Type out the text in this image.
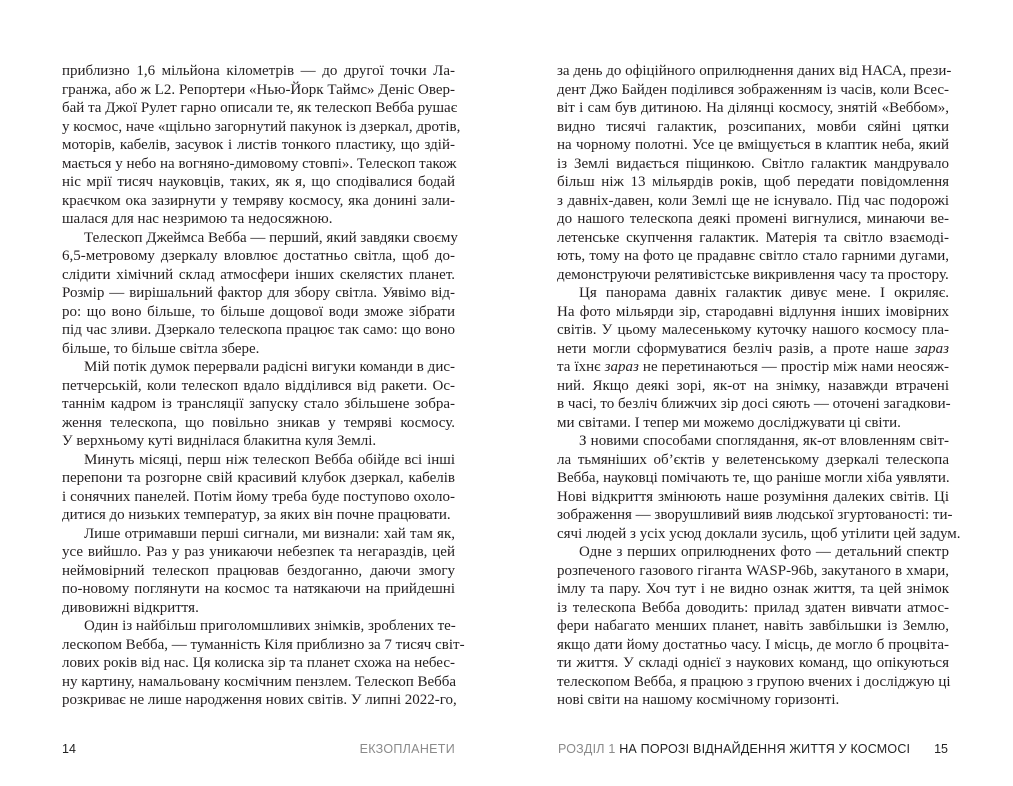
приблизно 1,6 мільйона кілометрів — до другої точки Ла-
гранжа, або ж L2. Репортери «Нью-Йорк Таймс» Деніс Овер-
бай та Джої Рулет гарно описали те, як телескоп Вебба рушає
у космос, наче «щільно загорнутий пакунок із дзеркал, дротів,
моторів, кабелів, засувок і листів тонкого пластику, що здій-
мається у небо на вогняно-димовому стовпі». Телескоп також
ніс мрії тисяч науковців, таких, як я, що сподівалися бодай
краєчком ока зазирнути у темряву космосу, яка донині зали-
шалася для нас незримою та недосяжною.
Телескоп Джеймса Вебба — перший, який завдяки своєму
6,5-метровому дзеркалу вловлює достатньо світла, щоб до-
слідити хімічний склад атмосфери інших скелястих планет.
Розмір — вирішальний фактор для збору світла. Уявімо від-
ро: що воно більше, то більше дощової води зможе зібрати
під час зливи. Дзеркало телескопа працює так само: що воно
більше, то більше світла збере.
Мій потік думок перервали радісні вигуки команди в дис-
петчерській, коли телескоп вдало відділився від ракети. Ос-
таннім кадром із трансляції запуску стало збільшене зобра-
ження телескопа, що повільно зникав у темряві космосу.
У верхньому куті виднілася блакитна куля Землі.
Минуть місяці, перш ніж телескоп Вебба обійде всі інші
перепони та розгорне свій красивий клубок дзеркал, кабелів
і сонячних панелей. Потім йому треба буде поступово охоло-
дитися до низьких температур, за яких він почне працювати.
Лише отримавши перші сигнали, ми визнали: хай там як,
усе вийшло. Раз у раз уникаючи небезпек та негараздів, цей
неймовірний телескоп працював бездоганно, даючи змогу
по-новому поглянути на космос та натякаючи на прийдешні
дивовижні відкриття.
Один із найбільш приголомшливих знімків, зроблених те-
лескопом Вебба, — туманність Кіля приблизно за 7 тисяч світ-
лових років від нас. Ця колиска зір та планет схожа на небес-
ну картину, намальовану космічним пензлем. Телескоп Вебба
розкриває не лише народження нових світів. У липні 2022-го,
за день до офіційного оприлюднення даних від НАСА, прези-
дент Джо Байден поділився зображенням із часів, коли Всес-
віт і сам був дитиною. На ділянці космосу, знятій «Веббом»,
видно тисячі галактик, розсипаних, мовби сяйні цятки
на чорному полотні. Усе це вміщується в клаптик неба, який
із Землі видається піщинкою. Світло галактик мандрувало
більш ніж 13 мільярдів років, щоб передати повідомлення
з давніх-давен, коли Землі ще не існувало. Під час подорожі
до нашого телескопа деякі промені вигнулися, минаючи ве-
летенське скупчення галактик. Матерія та світло взаємоді-
ють, тому на фото це прадавнє світло стало гарними дугами,
демонструючи релятивістське викривлення часу та простору.
Ця панорама давніх галактик дивує мене. І окриляє.
На фото мільярди зір, стародавні відлуння інших імовірних
світів. У цьому малесенькому куточку нашого космосу пла-
нети могли сформуватися безліч разів, а проте наше зараз
та їхнє зараз не перетинаються — простір між нами неосяж-
ний. Якщо деякі зорі, як-от на знімку, назавжди втрачені
в часі, то безліч ближчих зір досі сяють — оточені загадкови-
ми світами. І тепер ми можемо досліджувати ці світи.
З новими способами споглядання, як-от вловленням світ-
ла тьмяніших об’єктів у велетенському дзеркалі телескопа
Вебба, науковці помічають те, що раніше могли хіба уявляти.
Нові відкриття змінюють наше розуміння далеких світів. Ці
зображення — зворушливий вияв людської згуртованості: ти-
сячі людей з усіх усюд доклали зусиль, щоб утілити цей задум.
Одне з перших оприлюднених фото — детальний спектр
розпеченого газового гіганта WASP-96b, закутаного в хмари,
імлу та пару. Хоч тут і не видно ознак життя, та цей знімок
із телескопа Вебба доводить: прилад здатен вивчати атмос-
фери набагато менших планет, навіть завбільшки із Землю,
якщо дати йому достатньо часу. І місць, де могло б процвіта-
ти життя. У складі однієї з наукових команд, що опікуються
телескопом Вебба, я працюю з групою вчених і досліджую ці
нові світи на нашому космічному горизонті.
14	ЕКЗОПЛАНЕТИ	РОЗДІЛ 1 НА ПОРОЗІ ВІДНАЙДЕННЯ ЖИТТЯ У КОСМОСІ	15
